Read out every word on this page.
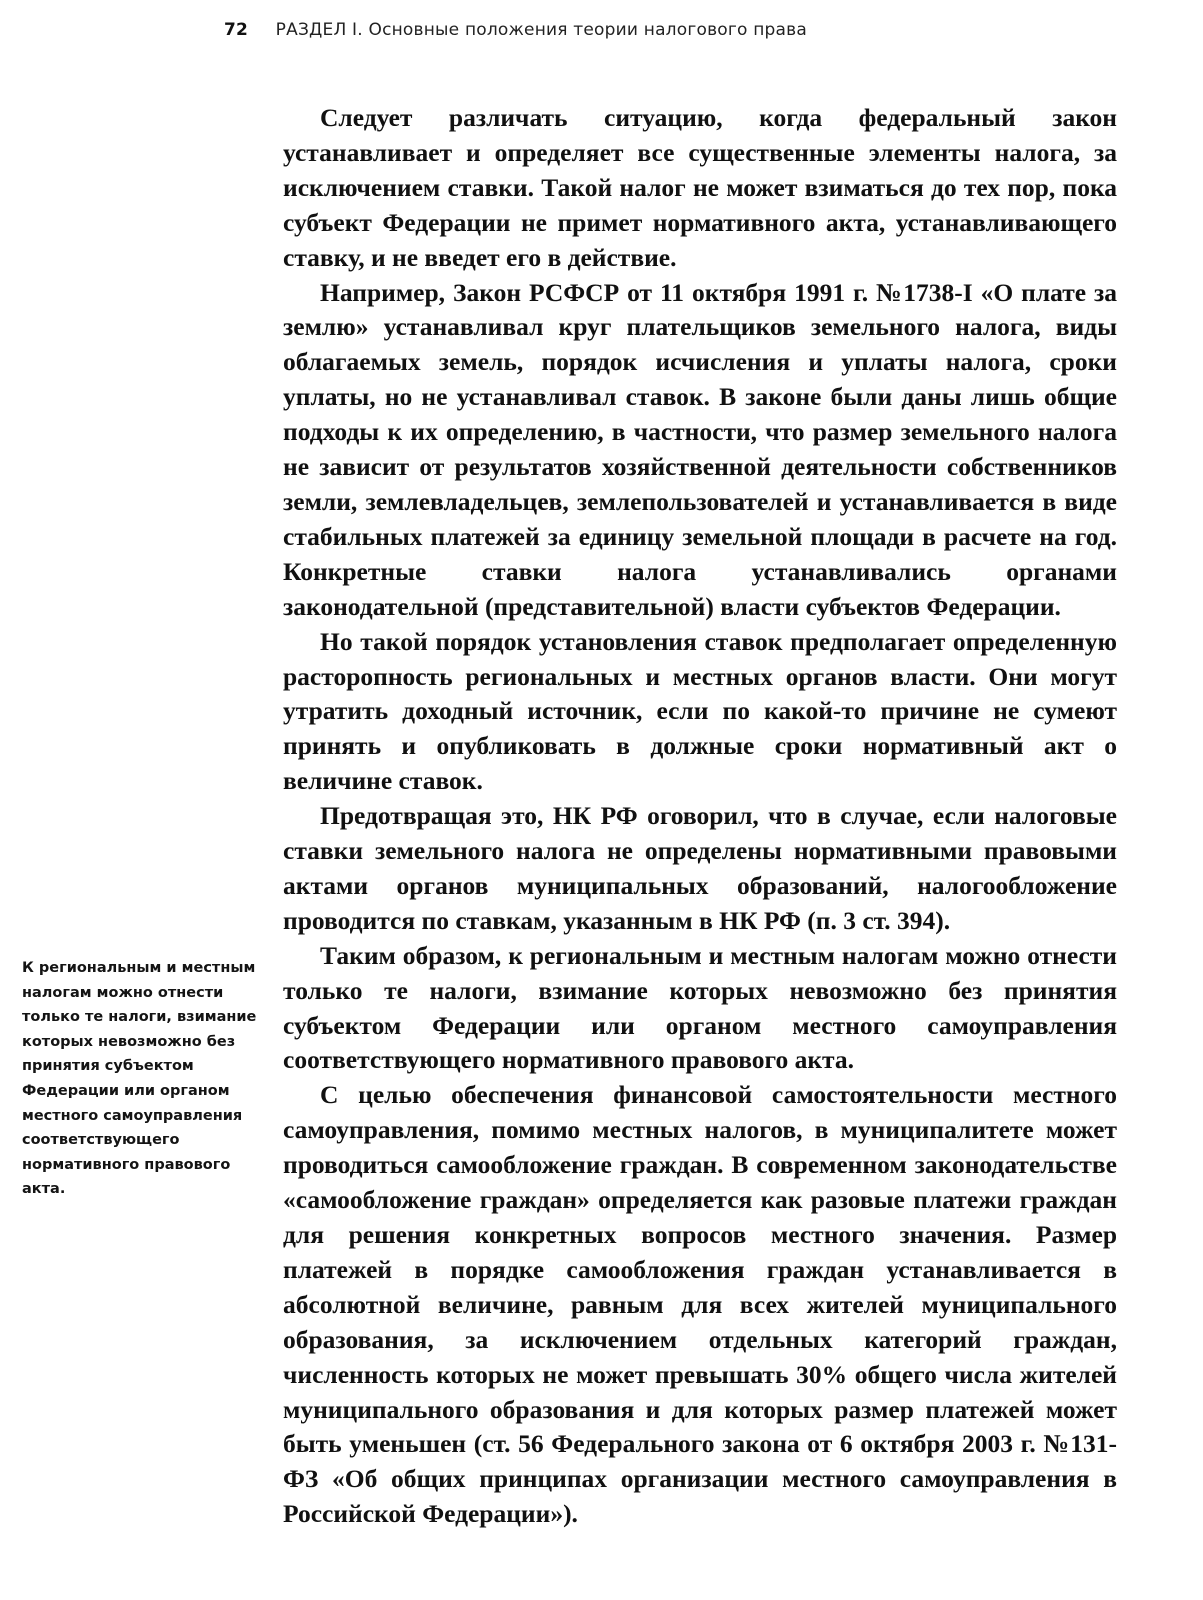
72 РАЗДЕЛ I. Основные положения теории налогового права
К региональным и местным налогам можно отнести только те налоги, взимание которых невозможно без принятия субъектом Федерации или органом местного самоуправления соответствующего нормативного правового акта.

Следует различать ситуацию, когда федеральный закон устанавливает и определяет все существенные элементы налога, за исключением ставки. Такой налог не может взиматься до тех пор, пока субъект Федерации не примет нормативного акта, устанавливающего ставку, и не введет его в действие.

Например, Закон РСФСР от 11 октября 1991 г. №1738-I «О плате за землю» устанавливал круг плательщиков земельного налога, виды облагаемых земель, порядок исчисления и уплаты налога, сроки уплаты, но не устанавливал ставок. В законе были даны лишь общие подходы к их определению, в частности, что размер земельного налога не зависит от результатов хозяйственной деятельности собственников земли, землевладельцев, землепользователей и устанавливается в виде стабильных платежей за единицу земельной площади в расчете на год. Конкретные ставки налога устанавливались органами законодательной (представительной) власти субъектов Федерации.

Но такой порядок установления ставок предполагает определенную расторопность региональных и местных органов власти. Они могут утратить доходный источник, если по какой-то причине не сумеют принять и опубликовать в должные сроки нормативный акт о величине ставок.

Предотвращая это, НК РФ оговорил, что в случае, если налоговые ставки земельного налога не определены нормативными правовыми актами органов муниципальных образований, налогообложение проводится по ставкам, указанным в НК РФ (п. 3 ст. 394).

Таким образом, к региональным и местным налогам можно отнести только те налоги, взимание которых невозможно без принятия субъектом Федерации или органом местного самоуправления соответствующего нормативного правового акта.

С целью обеспечения финансовой самостоятельности местного самоуправления, помимо местных налогов, в муниципалитете может проводиться самообложение граждан. В современном законодательстве «самообложение граждан» определяется как разовые платежи граждан для решения конкретных вопросов местного значения. Размер платежей в порядке самообложения граждан устанавливается в абсолютной величине, равным для всех жителей муниципального образования, за исключением отдельных категорий граждан, численность которых не может превышать 30% общего числа жителей муниципального образования и для которых размер платежей может быть уменьшен (ст. 56 Федерального закона от 6 октября 2003 г. №131-ФЗ «Об общих принципах организации местного самоуправления в Российской Федерации»).
